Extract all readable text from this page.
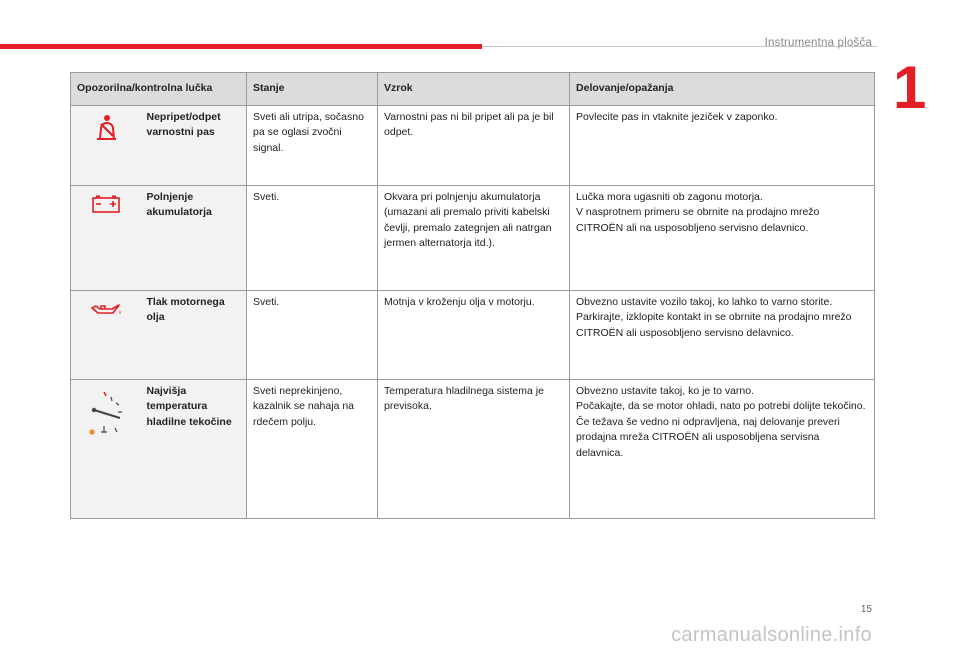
Instrumentna plošča
1
Opozorilna/kontrolna lučka		Stanje	Vzrok	Delovanje/opažanja
	Nepripet/odpet varnostni pas	Sveti ali utripa, sočasno pa se oglasi zvočni signal.	Varnostni pas ni bil pripet ali pa je bil odpet.	Povlecite pas in vtaknite jeziček v zaponko.
	Polnjenje akumulatorja	Sveti.	Okvara pri polnjenju akumulatorja (umazani ali premalo priviti kabelski čevlji, premalo zategnjen ali natrgan jermen alternatorja itd.).	Lučka mora ugasniti ob zagonu motorja.
V nasprotnem primeru se obrnite na prodajno mrežo CITROËN ali na usposobljeno servisno delavnico.
	Tlak motornega olja	Sveti.	Motnja v kroženju olja v motorju.	Obvezno ustavite vozilo takoj, ko lahko to varno storite.
Parkirajte, izklopite kontakt in se obrnite na prodajno mrežo CITROËN ali usposobljeno servisno delavnico.
	Najvišja temperatura hladilne tekočine	Sveti neprekinjeno, kazalnik se nahaja na rdečem polju.	Temperatura hladilnega sistema je previsoka.	Obvezno ustavite takoj, ko je to varno.
Počakajte, da se motor ohladi, nato po potrebi dolijte tekočino.
Če težava še vedno ni odpravljena, naj delovanje preveri prodajna mreža CITROËN ali usposobljena servisna delavnica.
15
carmanualsonline.info
